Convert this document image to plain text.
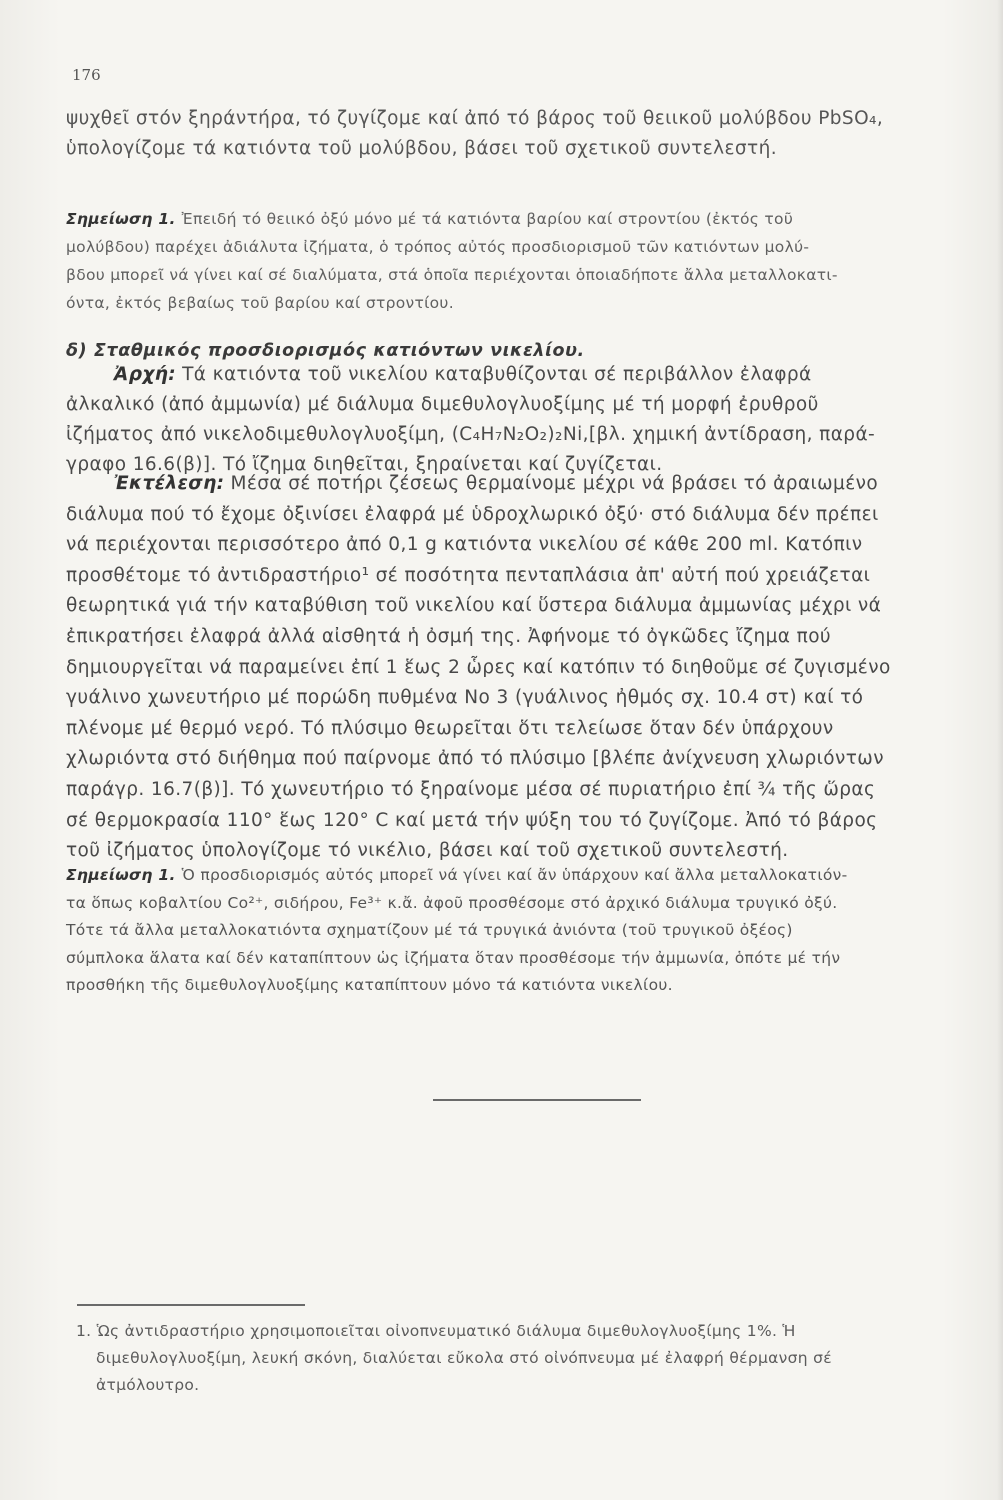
176
ψυχθεῖ στόν ξηράντήρα, τό ζυγίζομε καί ἀπό τό βάρος τοῦ θειικοῦ μολύβδου PbSO₄,
ὑπολογίζομε τά κατιόντα τοῦ μολύβδου, βάσει τοῦ σχετικοῦ συντελεστή.
Σημείωση 1. Ἐπειδή τό θειικό ὀξύ μόνο μέ τά κατιόντα βαρίου καί στροντίου (ἐκτός τοῦ
μολύβδου) παρέχει ἀδιάλυτα ἰζήματα, ὁ τρόπος αὐτός προσδιορισμοῦ τῶν κατιόντων μολύ-
βδου μπορεῖ νά γίνει καί σέ διαλύματα, στά ὁποῖα περιέχονται ὁποιαδήποτε ἄλλα μεταλλοκατι-
όντα, ἐκτός βεβαίως τοῦ βαρίου καί στροντίου.
δ) Σταθμικός προσδιορισμός κατιόντων νικελίου.
Ἀρχή: Τά κατιόντα τοῦ νικελίου καταβυθίζονται σέ περιβάλλον ἐλαφρά
ἀλκαλικό (ἀπό ἀμμωνία) μέ διάλυμα διμεθυλογλυοξίμης μέ τή μορφή ἐρυθροῦ
ἰζήματος ἀπό νικελοδιμεθυλογλυοξίμη, (C₄H₇N₂O₂)₂Ni,[βλ. χημική ἀντίδραση, παρά-
γραφο 16.6(β)]. Τό ἴζημα διηθεῖται, ξηραίνεται καί ζυγίζεται.
Ἐκτέλεση: Μέσα σέ ποτήρι ζέσεως θερμαίνομε μέχρι νά βράσει τό ἀραιωμένο
διάλυμα πού τό ἔχομε ὀξινίσει ἐλαφρά μέ ὑδροχλωρικό ὀξύ· στό διάλυμα δέν πρέπει
νά περιέχονται περισσότερο ἀπό 0,1 g κατιόντα νικελίου σέ κάθε 200 ml. Κατόπιν
προσθέτομε τό ἀντιδραστήριο¹ σέ ποσότητα πενταπλάσια ἀπ' αὐτή πού χρειάζεται
θεωρητικά γιά τήν καταβύθιση τοῦ νικελίου καί ὕστερα διάλυμα ἀμμωνίας μέχρι νά
ἐπικρατήσει ἐλαφρά ἀλλά αἰσθητά ἡ ὀσμή της. Ἀφήνομε τό ὀγκῶδες ἴζημα πού
δημιουργεῖται νά παραμείνει ἐπί 1 ἕως 2 ὧρες καί κατόπιν τό διηθοῦμε σέ ζυγισμένο
γυάλινο χωνευτήριο μέ πορώδη πυθμένα Νο 3 (γυάλινος ἠθμός σχ. 10.4 στ) καί τό
πλένομε μέ θερμό νερό. Τό πλύσιμο θεωρεῖται ὅτι τελείωσε ὅταν δέν ὑπάρχουν
χλωριόντα στό διήθημα πού παίρνομε ἀπό τό πλύσιμο [βλέπε ἀνίχνευση χλωριόντων
παράγρ. 16.7(β)]. Τό χωνευτήριο τό ξηραίνομε μέσα σέ πυριατήριο ἐπί ¾ τῆς ὥρας
σέ θερμοκρασία 110° ἕως 120° C καί μετά τήν ψύξη του τό ζυγίζομε. Ἀπό τό βάρος
τοῦ ἰζήματος ὑπολογίζομε τό νικέλιο, βάσει καί τοῦ σχετικοῦ συντελεστή.
Σημείωση 1. Ὁ προσδιορισμός αὐτός μπορεῖ νά γίνει καί ἄν ὑπάρχουν καί ἄλλα μεταλλοκατιόν-
τα ὅπως κοβαλτίου Co²⁺, σιδήρου, Fe³⁺ κ.ἄ. ἀφοῦ προσθέσομε στό ἀρχικό διάλυμα τρυγικό ὀξύ.
Τότε τά ἄλλα μεταλλοκατιόντα σχηματίζουν μέ τά τρυγικά ἀνιόντα (τοῦ τρυγικοῦ ὀξέος)
σύμπλοκα ἅλατα καί δέν καταπίπτουν ὡς ἰζήματα ὅταν προσθέσομε τήν ἀμμωνία, ὁπότε μέ τήν
προσθήκη τῆς διμεθυλογλυοξίμης καταπίπτουν μόνο τά κατιόντα νικελίου.
1. Ὡς ἀντιδραστήριο χρησιμοποιεῖται οἰνοπνευματικό διάλυμα διμεθυλογλυοξίμης 1%. Ἡ
διμεθυλογλυοξίμη, λευκή σκόνη, διαλύεται εὔκολα στό οἰνόπνευμα μέ ἐλαφρή θέρμανση σέ
ἀτμόλουτρο.
